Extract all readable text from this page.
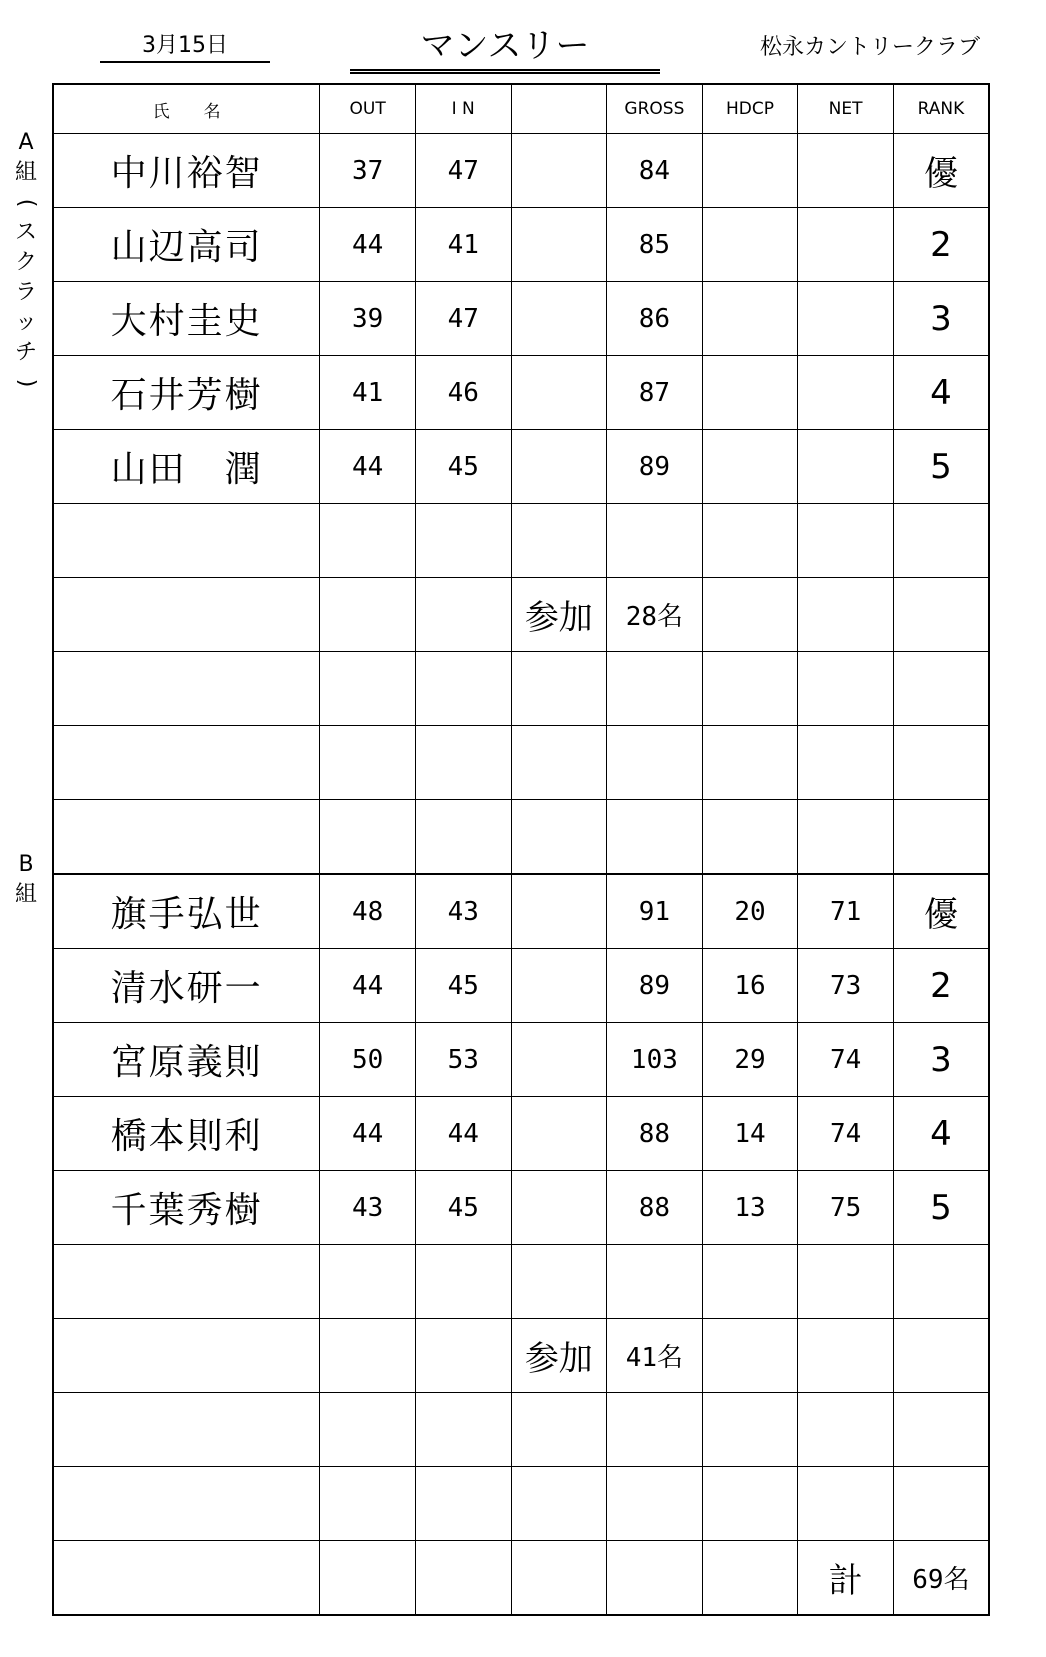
3月15日	マンスリー	松永カントリークラブ
A
組
(
ス
ク
ラ
ッ
チ
)
B
組
氏　　名	OUT	I N		GROSS	HDCP	NET	RANK
中川裕智	37	47		84			優
山辺高司	44	41		85			2
大村圭史	39	47		86			3
石井芳樹	41	46		87			4
山田　潤	44	45		89			5

			参加	28名			

旗手弘世	48	43		91	20	71	優
清水研一	44	45		89	16	73	2
宮原義則	50	53		103	29	74	3
橋本則利	44	44		88	14	74	4
千葉秀樹	43	45		88	13	75	5

			参加	41名			

						計	69名
